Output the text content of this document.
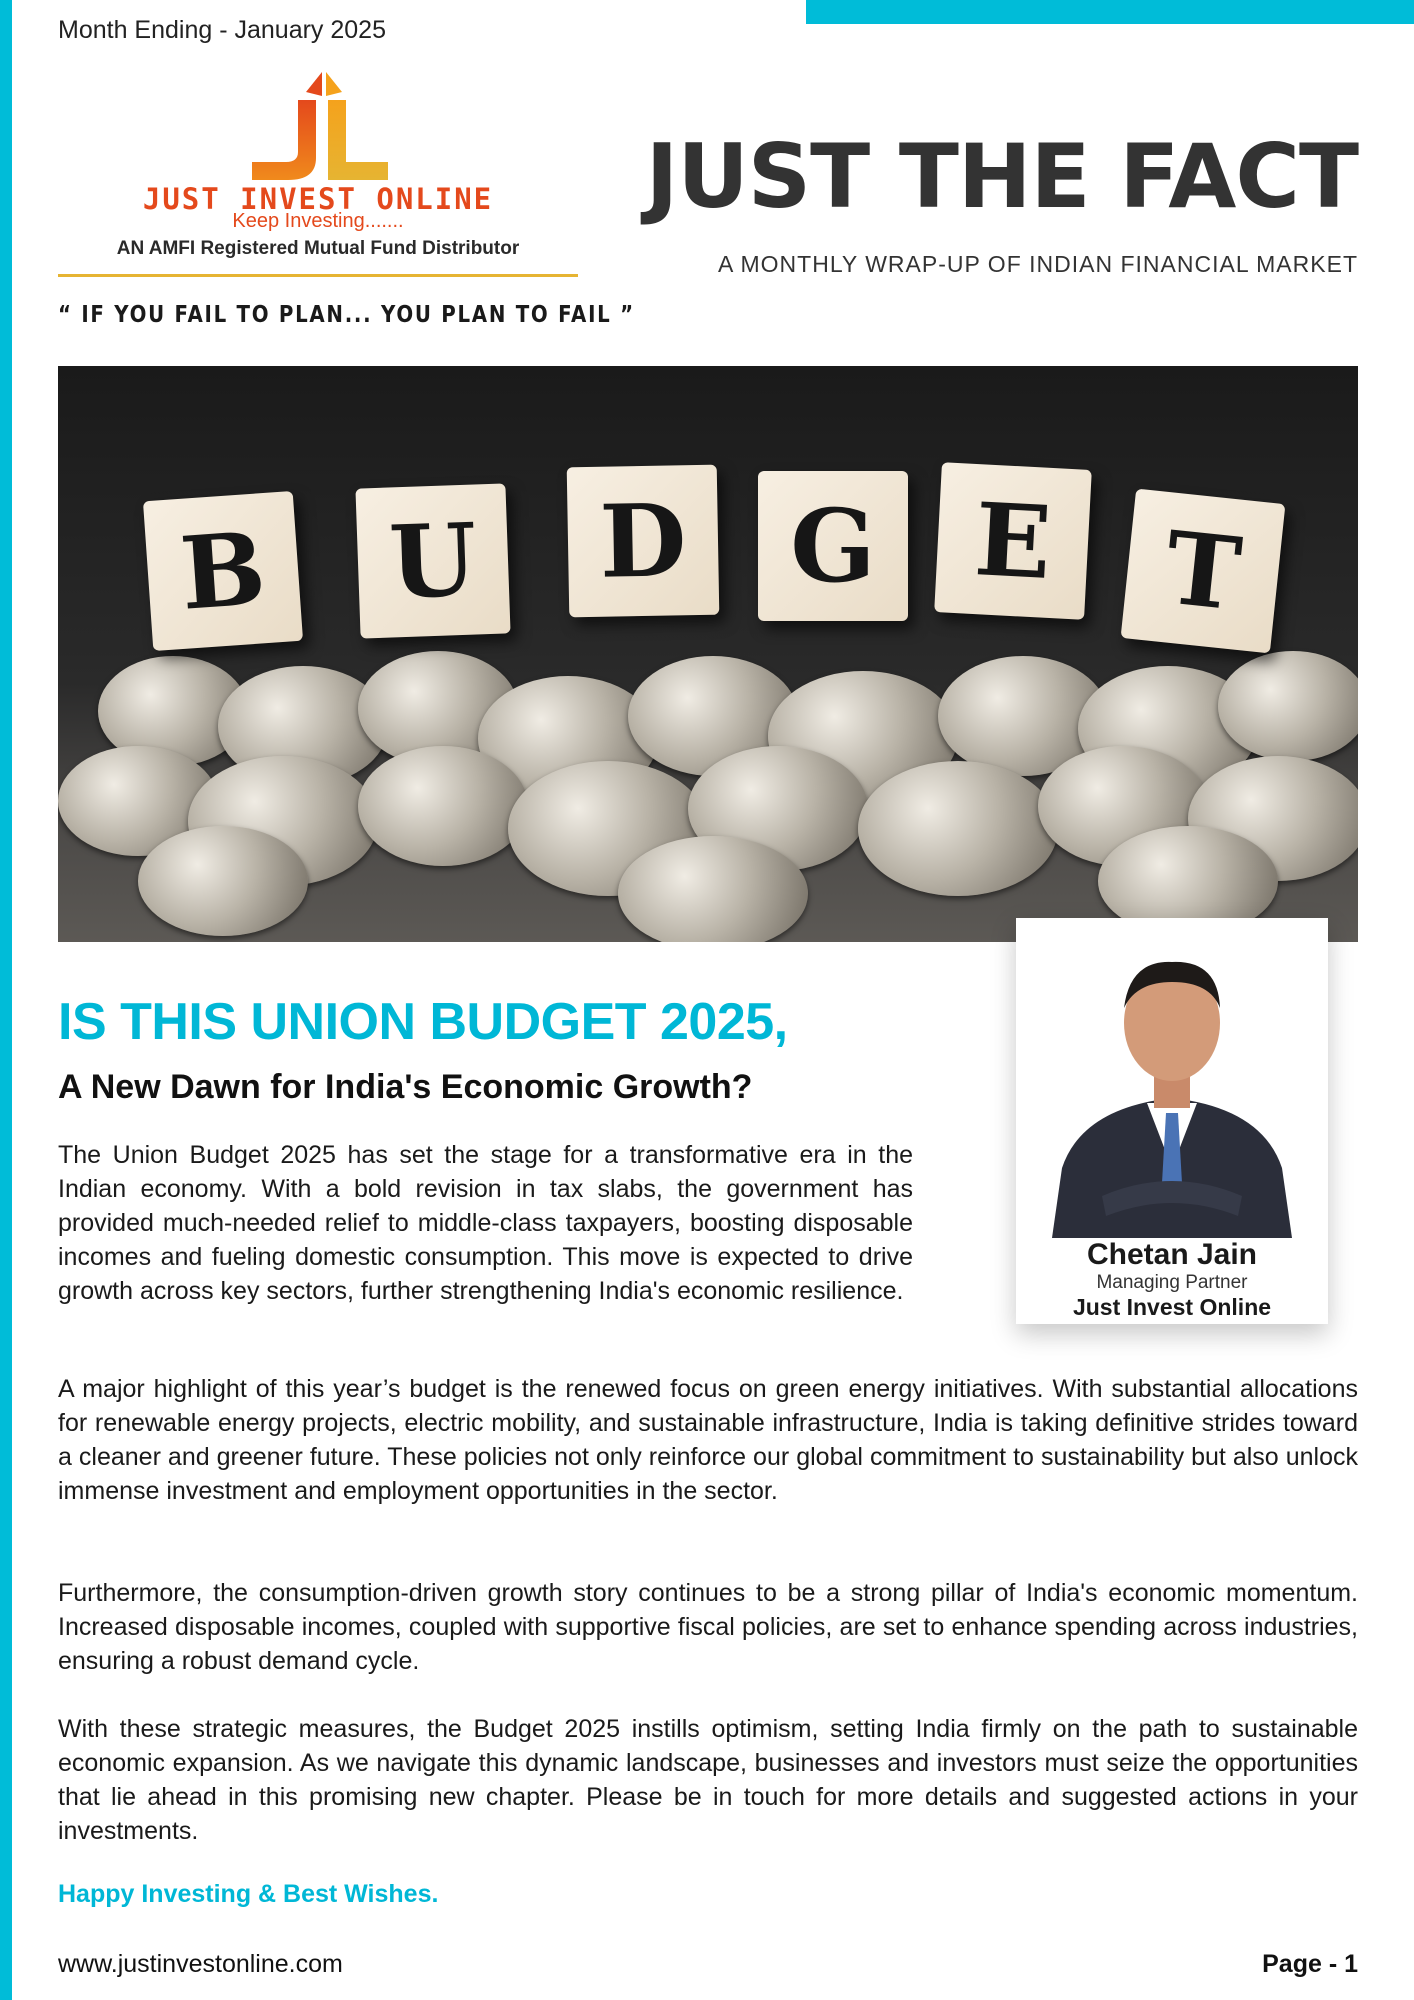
Month Ending - January 2025
JUST INVEST ONLINE
Keep Investing.......
AN AMFI Registered Mutual Fund Distributor
“ IF YOU FAIL TO PLAN... YOU PLAN TO FAIL ”
JUST THE FACT
A MONTHLY WRAP-UP OF INDIAN FINANCIAL MARKET
B	U	D	G E	T
Chetan Jain
Managing Partner
Just Invest Online
IS THIS UNION BUDGET 2025,
A New Dawn for India's Economic Growth?

The Union Budget 2025 has set the stage for a transformative era in the Indian economy. With a bold revision in tax slabs, the government has provided much-needed relief to middle-class taxpayers, boosting disposable incomes and fueling domestic consumption. This move is expected to drive growth across key sectors, further strengthening India's economic resilience.

A major highlight of this year’s budget is the renewed focus on green energy initiatives. With substantial allocations for renewable energy projects, electric mobility, and sustainable infrastructure, India is taking definitive strides toward a cleaner and greener future. These policies not only reinforce our global commitment to sustainability but also unlock immense investment and employment opportunities in the sector.

Furthermore, the consumption-driven growth story continues to be a strong pillar of India's economic momentum. Increased disposable incomes, coupled with supportive fiscal policies, are set to enhance spending across industries, ensuring a robust demand cycle.

With these strategic measures, the Budget 2025 instills optimism, setting India firmly on the path to sustainable economic expansion. As we navigate this dynamic landscape, businesses and investors must seize the opportunities that lie ahead in this promising new chapter. Please be in touch for more details and suggested actions in your investments.

Happy Investing & Best Wishes.
www.justinvestonline.com	Page - 1
